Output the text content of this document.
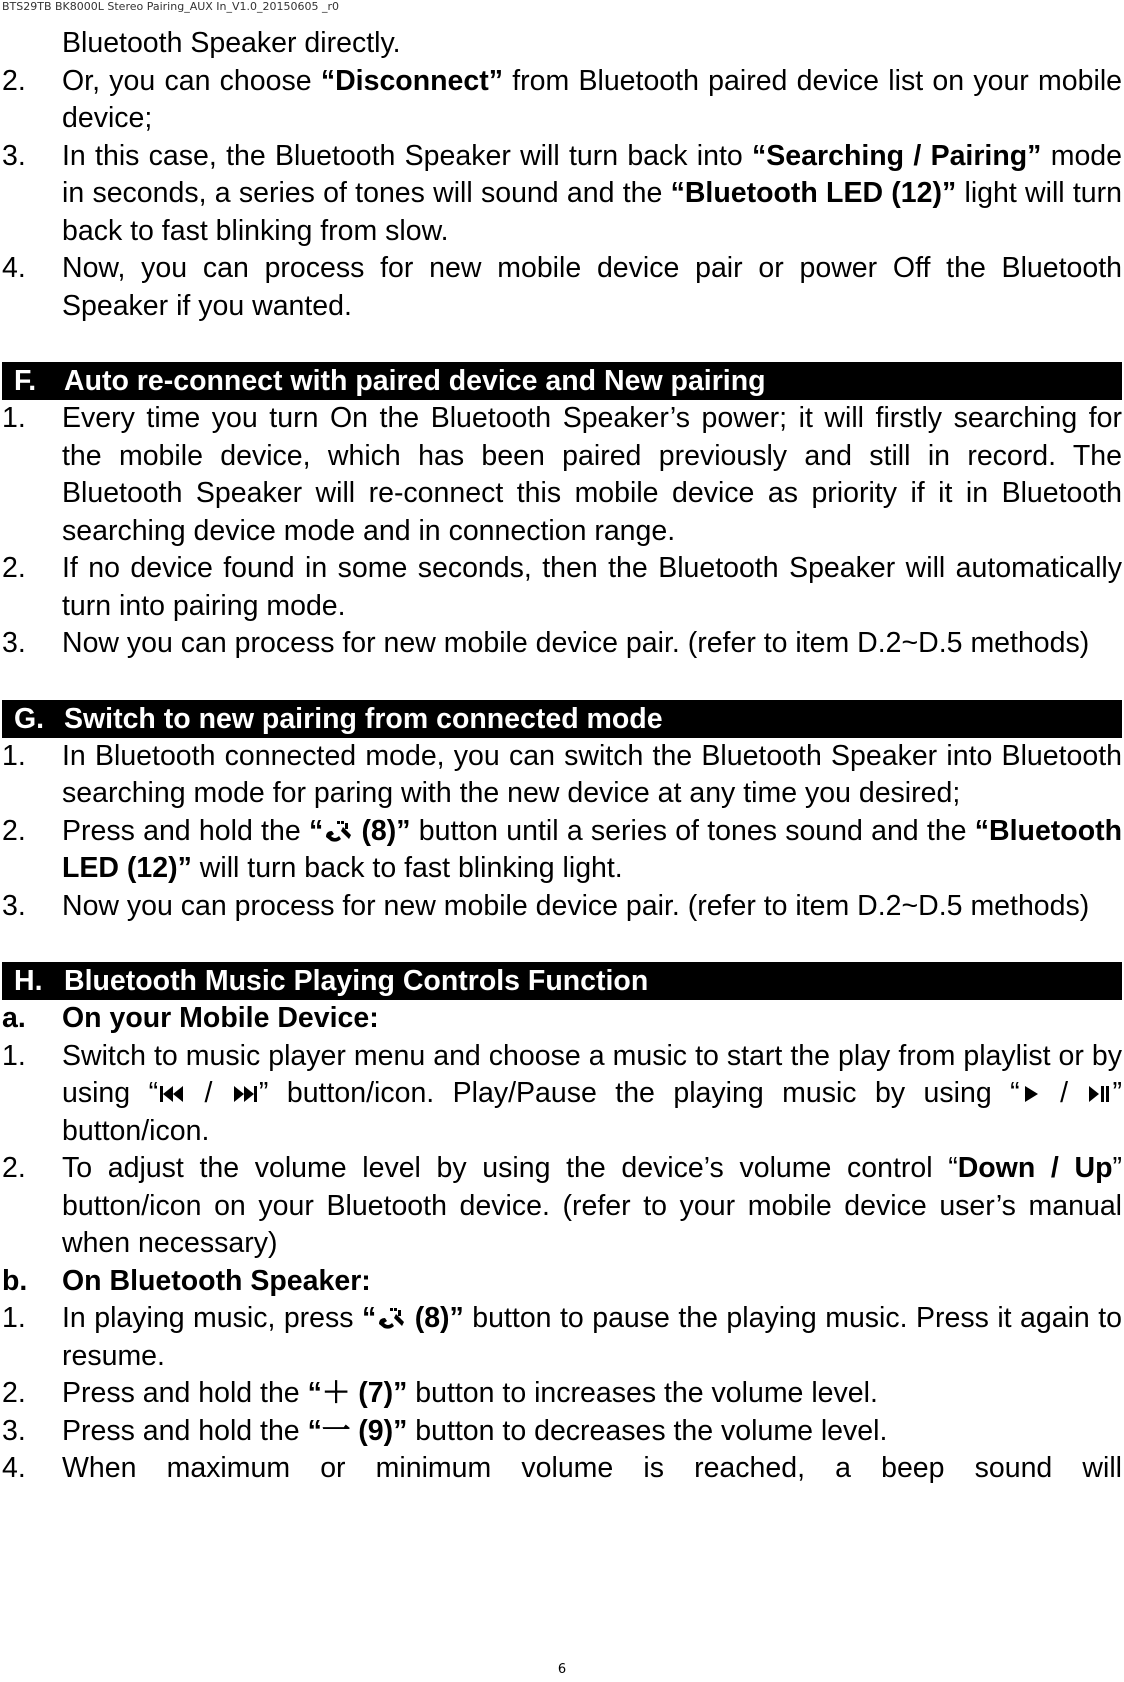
BTS29TB BK8000L Stereo Pairing_AUX In_V1.0_20150605 _r0
Bluetooth Speaker directly.
2.	Or, you can choose “Disconnect” from Bluetooth paired device list on your mobile device;
3.	In this case, the Bluetooth Speaker will turn back into “Searching / Pairing” mode in seconds, a series of tones will sound and the “Bluetooth LED (12)” light will turn back to fast blinking from slow.
4.	Now, you can process for new mobile device pair or power Off the Bluetooth Speaker if you wanted.
F. Auto re-connect with paired device and New pairing
1.	Every time you turn On the Bluetooth Speaker’s power; it will firstly searching for the mobile device, which has been paired previously and still in record. The Bluetooth Speaker will re-connect this mobile device as priority if it in Bluetooth searching device mode and in connection range.
2.	If no device found in some seconds, then the Bluetooth Speaker will automatically turn into pairing mode.
3.	Now you can process for new mobile device pair. (refer to item D.2~D.5 methods)
G. Switch to new pairing from connected mode
1.	In Bluetooth connected mode, you can switch the Bluetooth Speaker into Bluetooth searching mode for paring with the new device at any time you desired;
2.	Press and hold the “ (8)” button until a series of tones sound and the “Bluetooth LED (12)” will turn back to fast blinking light.
3.	Now you can process for new mobile device pair. (refer to item D.2~D.5 methods)
H. Bluetooth Music Playing Controls Function
a.	On your Mobile Device:
1.	Switch to music player menu and choose a music to start the play from playlist or by using “ / ” button/icon. Play/Pause the playing music by using “ / ” button/icon.
2.	To adjust the volume level by using the device’s volume control “Down / Up” button/icon on your Bluetooth device. (refer to your mobile device user’s manual when necessary)
b.	On Bluetooth Speaker:
1.	In playing music, press “ (8)” button to pause the playing music. Press it again to resume.
2.	Press and hold the “＋ (7)” button to increases the volume level.
3.	Press and hold the “一 (9)” button to decreases the volume level.
4.	When maximum or minimum volume is reached, a beep sound will
6
